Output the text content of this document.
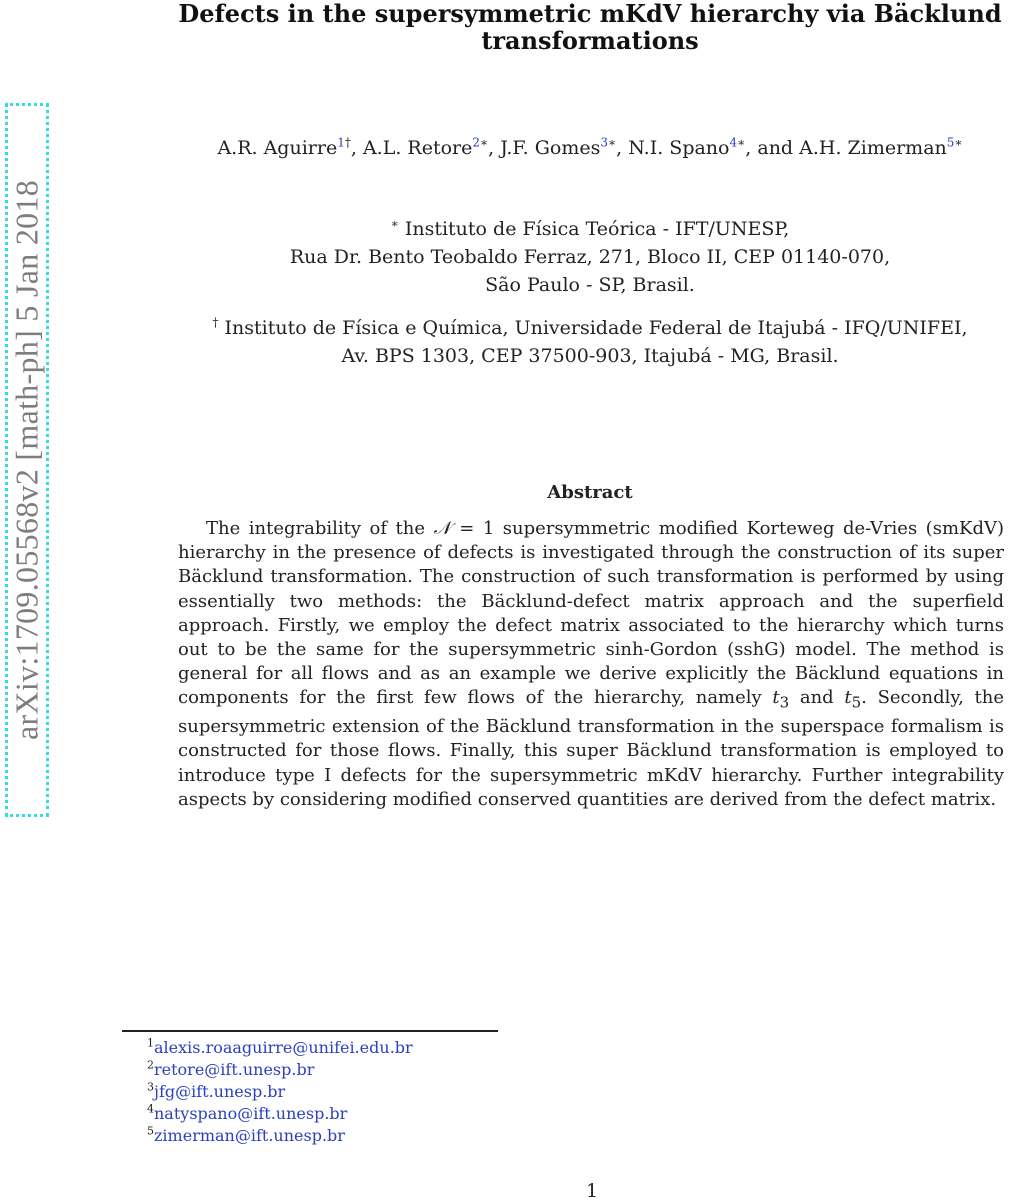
Defects in the supersymmetric mKdV hierarchy via Bäcklund
transformations
arXiv:1709.05568v2 [math-ph] 5 Jan 2018
A.R. Aguirre$^{1\dagger}$, A.L. Retore$^{2∗}$, J.F. Gomes$^{3∗}$, N.I. Spano$^{4∗}$, and A.H. Zimerman$^{5∗}$
∗ Instituto de Física Teórica - IFT/UNESP,
Rua Dr. Bento Teobaldo Ferraz, 271, Bloco II, CEP 01140-070,
São Paulo - SP, Brasil.
† Instituto de Física e Química, Universidade Federal de Itajubá - IFQ/UNIFEI,
Av. BPS 1303, CEP 37500-903, Itajubá - MG, Brasil.
Abstract
The integrability of the 𝒩 = 1 supersymmetric modified Korteweg de-Vries (smKdV) hierarchy in the presence of defects is investigated through the construction of its super Bäcklund transformation. The construction of such transformation is performed by using essentially two methods: the Bäcklund-defect matrix approach and the superfield approach. Firstly, we employ the defect matrix associated to the hierarchy which turns out to be the same for the supersymmetric sinh-Gordon (sshG) model. The method is general for all flows and as an example we derive explicitly the Bäcklund equations in components for the first few flows of the hierarchy, namely $t_3$ and $t_5$. Secondly, the supersymmetric extension of the Bäcklund transformation in the superspace formalism is constructed for those flows. Finally, this super Bäcklund transformation is employed to introduce type I defects for the supersymmetric mKdV hierarchy. Further integrability aspects by considering modified conserved quantities are derived from the defect matrix.
$^1$alexis.roaaguirre@unifei.edu.br
$^2$retore@ift.unesp.br
$^3$jfg@ift.unesp.br
$^4$natyspano@ift.unesp.br
$^5$zimerman@ift.unesp.br
1
